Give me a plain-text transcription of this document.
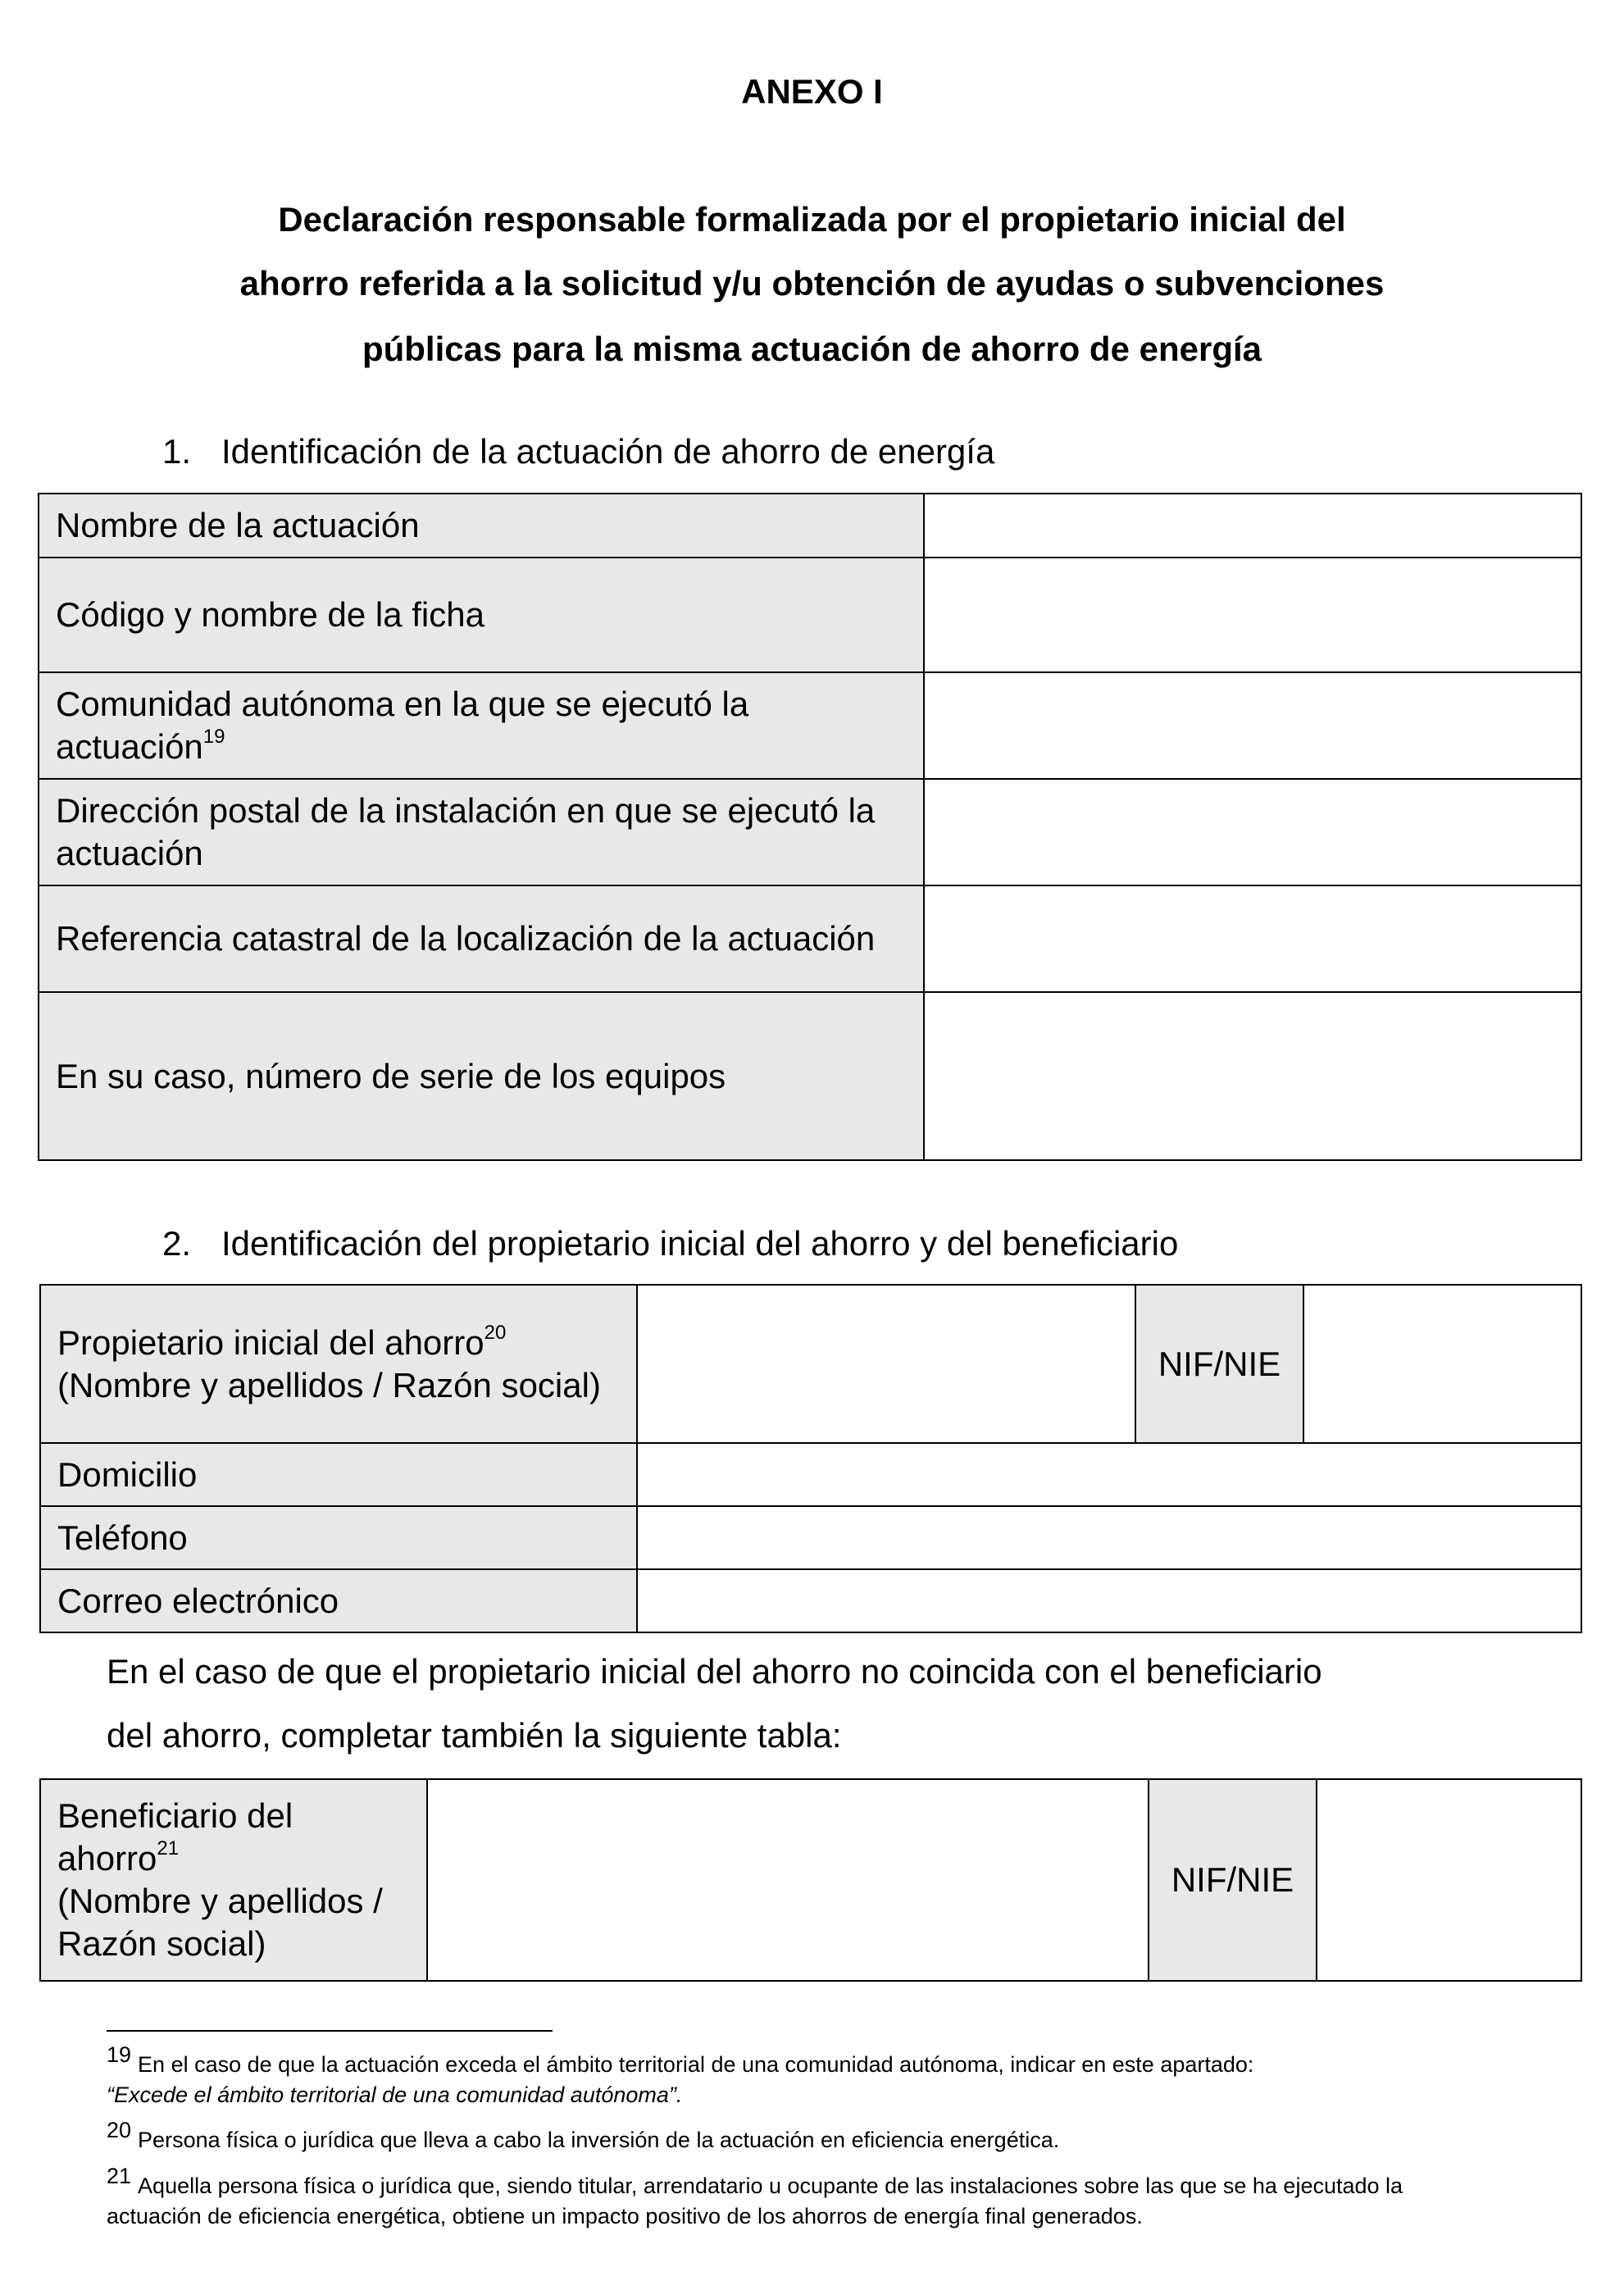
ANEXO I
Declaración responsable formalizada por el propietario inicial del
ahorro referida a la solicitud y/u obtención de ayudas o subvenciones
públicas para la misma actuación de ahorro de energía
1. Identificación de la actuación de ahorro de energía
Nombre de la actuación	
Código y nombre de la ficha	
Comunidad autónoma en la que se ejecutó la actuación$^{19}$	
Dirección postal de la instalación en que se ejecutó la actuación	
Referencia catastral de la localización de la actuación	
En su caso, número de serie de los equipos	
2. Identificación del propietario inicial del ahorro y del beneficiario
Propietario inicial del ahorro$^{20}$
(Nombre y apellidos / Razón social)		NIF/NIE	
Domicilio			
Teléfono			
Correo electrónico			
En el caso de que el propietario inicial del ahorro no coincida con el beneficiario
del ahorro, completar también la siguiente tabla:
Beneficiario del ahorro$^{21}$
(Nombre y apellidos / Razón social)		NIF/NIE	
19 En el caso de que la actuación exceda el ámbito territorial de una comunidad autónoma, indicar en este apartado:
“Excede el ámbito territorial de una comunidad autónoma”.
20 Persona física o jurídica que lleva a cabo la inversión de la actuación en eficiencia energética.
21 Aquella persona física o jurídica que, siendo titular, arrendatario u ocupante de las instalaciones sobre las que se ha ejecutado la actuación de eficiencia energética, obtiene un impacto positivo de los ahorros de energía final generados.
